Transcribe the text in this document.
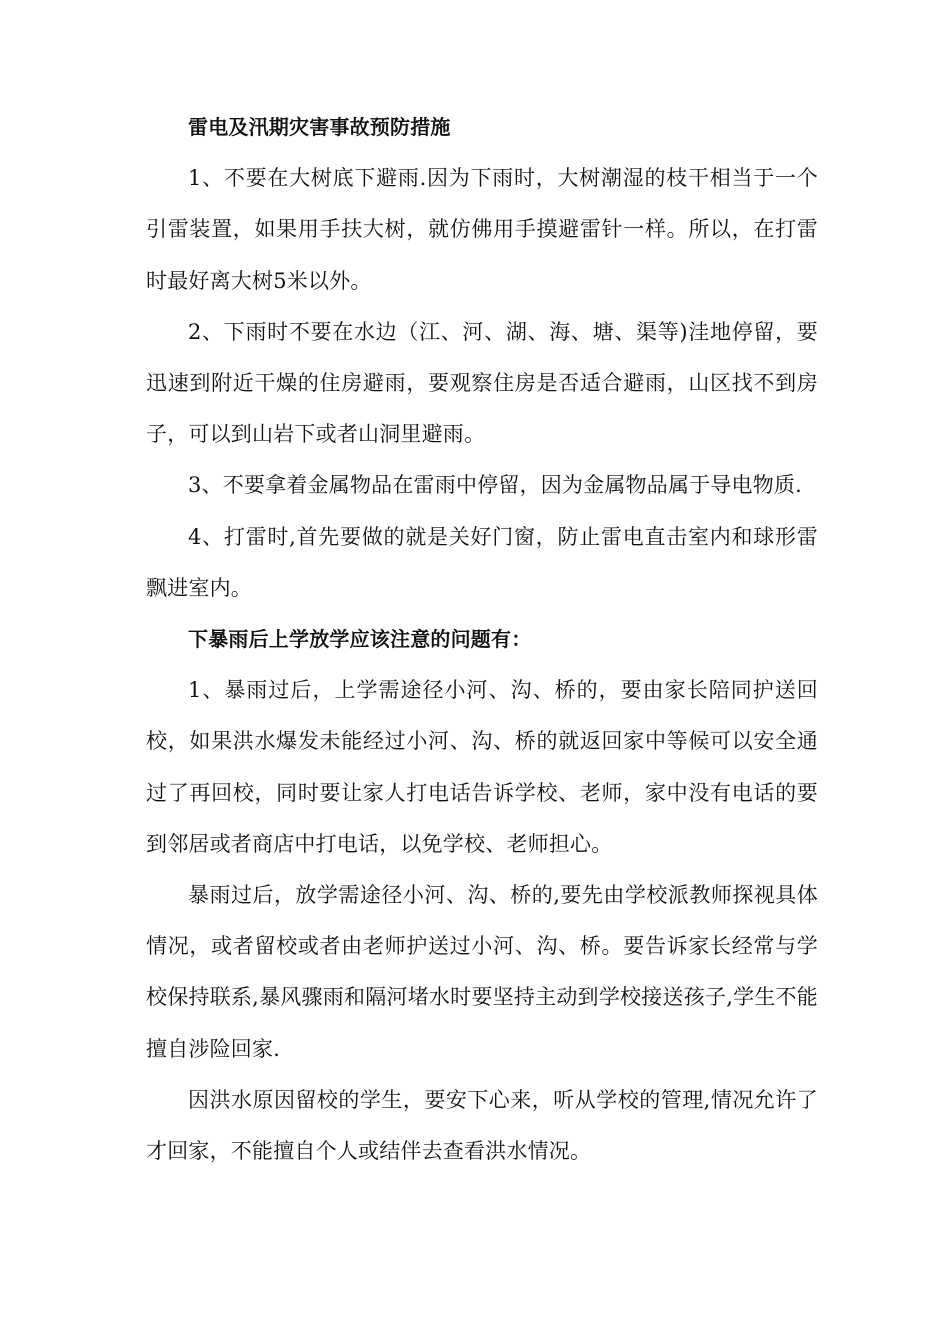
雷电及汛期灾害事故预防措施

1、不要在大树底下避雨.因为下雨时，大树潮湿的枝干相当于一个引雷装置，如果用手扶大树，就仿佛用手摸避雷针一样。所以，在打雷时最好离大树5米以外。

2、下雨时不要在水边（江、河、湖、海、塘、渠等)洼地停留，要迅速到附近干燥的住房避雨，要观察住房是否适合避雨，山区找不到房子，可以到山岩下或者山洞里避雨。

3、不要拿着金属物品在雷雨中停留，因为金属物品属于导电物质.

4、打雷时,首先要做的就是关好门窗，防止雷电直击室内和球形雷飘进室内。

下暴雨后上学放学应该注意的问题有：

1、暴雨过后，上学需途径小河、沟、桥的，要由家长陪同护送回校，如果洪水爆发未能经过小河、沟、桥的就返回家中等候可以安全通过了再回校，同时要让家人打电话告诉学校、老师，家中没有电话的要到邻居或者商店中打电话，以免学校、老师担心。

暴雨过后，放学需途径小河、沟、桥的,要先由学校派教师探视具体情况，或者留校或者由老师护送过小河、沟、桥。要告诉家长经常与学校保持联系,暴风骤雨和隔河堵水时要坚持主动到学校接送孩子,学生不能擅自涉险回家.

因洪水原因留校的学生，要安下心来，听从学校的管理,情况允许了才回家，不能擅自个人或结伴去查看洪水情况。
